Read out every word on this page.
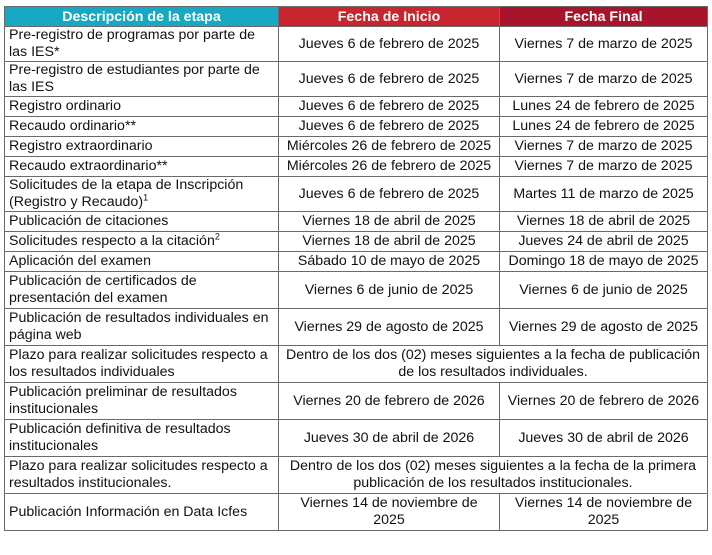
Descripción de la etapa	Fecha de Inicio	Fecha Final
Pre-registro de programas por parte de las IES*	Jueves 6 de febrero de 2025	Viernes 7 de marzo de 2025
Pre-registro de estudiantes por parte de las IES	Jueves 6 de febrero de 2025	Viernes 7 de marzo de 2025
Registro ordinario	Jueves 6 de febrero de 2025	Lunes 24 de febrero de 2025
Recaudo ordinario**	Jueves 6 de febrero de 2025	Lunes 24 de febrero de 2025
Registro extraordinario	Miércoles 26 de febrero de 2025	Viernes 7 de marzo de 2025
Recaudo extraordinario**	Miércoles 26 de febrero de 2025	Viernes 7 de marzo de 2025
Solicitudes de la etapa de Inscripción (Registro y Recaudo)$^1$	Jueves 6 de febrero de 2025	Martes 11 de marzo de 2025
Publicación de citaciones	Viernes 18 de abril de 2025	Viernes 18 de abril de 2025
Solicitudes respecto a la citación$^2$	Viernes 18 de abril de 2025	Jueves 24 de abril de 2025
Aplicación del examen	Sábado 10 de mayo de 2025	Domingo 18 de mayo de 2025
Publicación de certificados de presentación del examen	Viernes 6 de junio de 2025	Viernes 6 de junio de 2025
Publicación de resultados individuales en página web	Viernes 29 de agosto de 2025	Viernes 29 de agosto de 2025
Plazo para realizar solicitudes respecto a los resultados individuales	Dentro de los dos (02) meses siguientes a la fecha de publicación de los resultados individuales.	
Publicación preliminar de resultados institucionales	Viernes 20 de febrero de 2026	Viernes 20 de febrero de 2026
Publicación definitiva de resultados institucionales	Jueves 30 de abril de 2026	Jueves 30 de abril de 2026
Plazo para realizar solicitudes respecto a resultados institucionales.	Dentro de los dos (02) meses siguientes a la fecha de la primera publicación de los resultados institucionales.	
Publicación Información en Data Icfes	Viernes 14 de noviembre de 2025	Viernes 14 de noviembre de 2025
